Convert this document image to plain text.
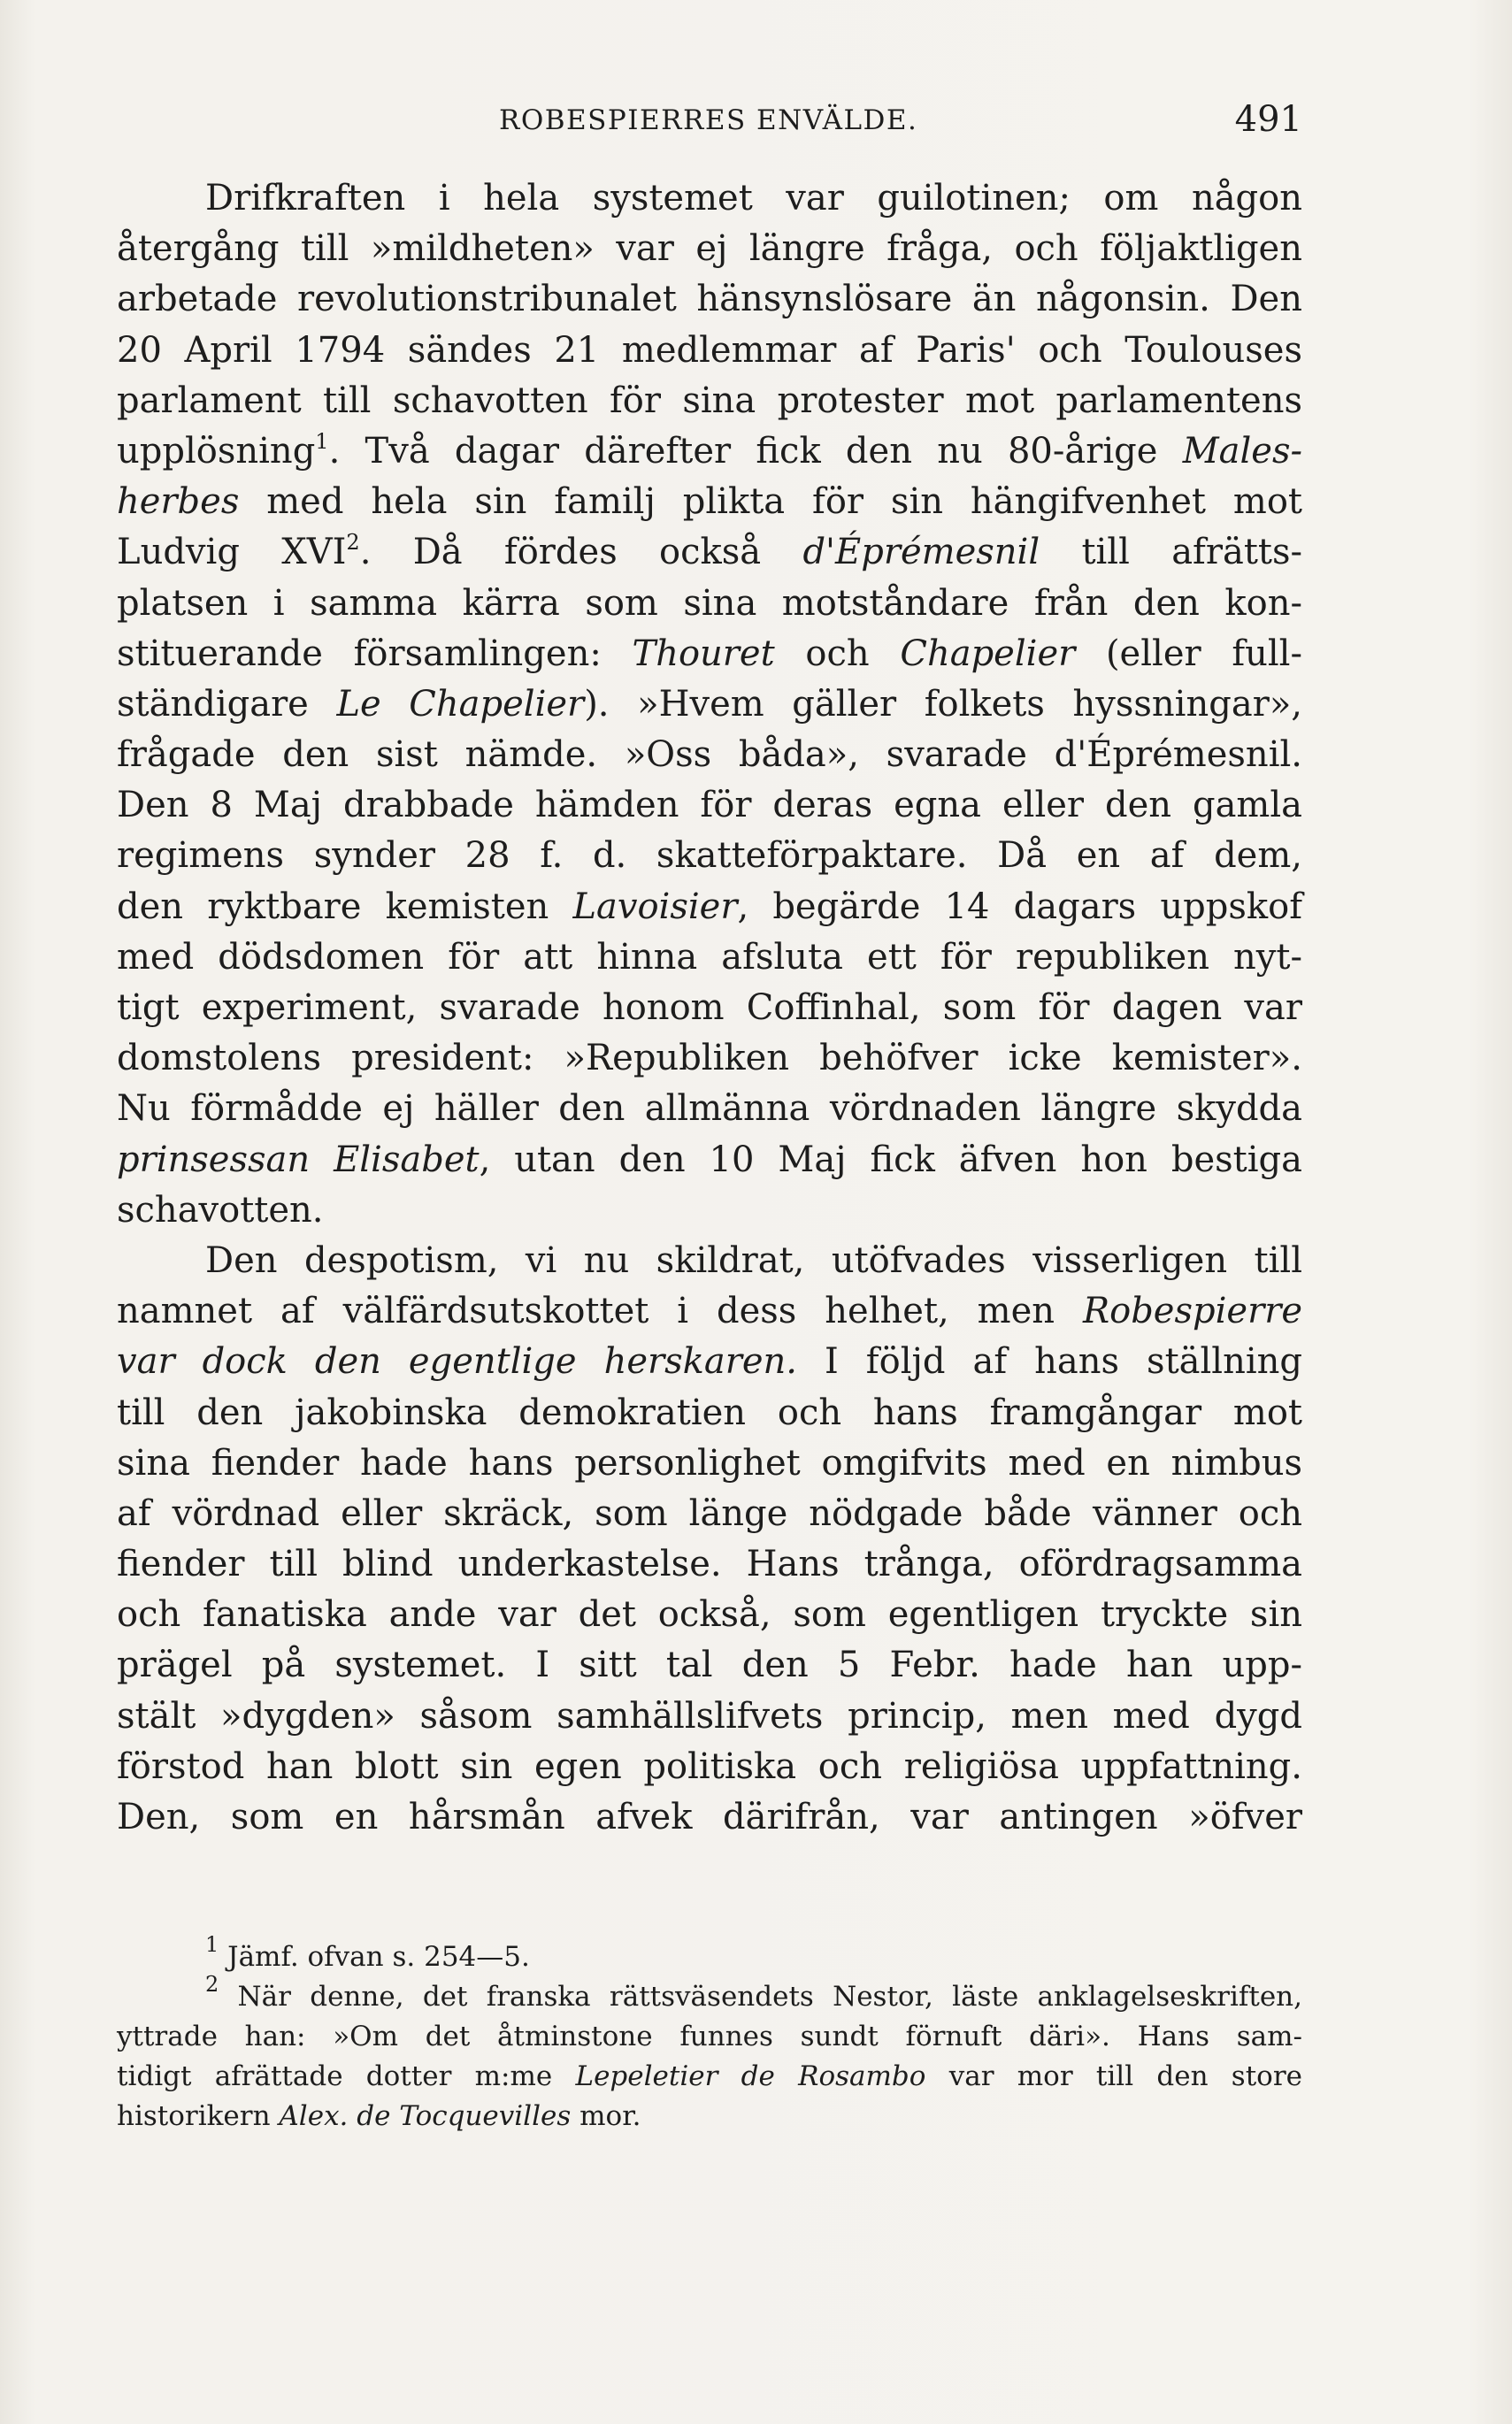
ROBESPIERRES ENVÄLDE.	491
Drifkraften i hela systemet var guilotinen; om någon
återgång till »mildheten» var ej längre fråga, och följaktligen
arbetade revolutionstribunalet hänsynslösare än någonsin. Den
20 April 1794 sändes 21 medlemmar af Paris' och Toulouses
parlament till schavotten för sina protester mot parlamentens
upplösning$^1$. Två dagar därefter fick den nu 80-årige Males-
herbes med hela sin familj plikta för sin hängifvenhet mot
Ludvig XVI$^2$. Då fördes också d'Éprémesnil till afrätts-
platsen i samma kärra som sina motståndare från den kon-
stituerande församlingen: Thouret och Chapelier (eller full-
ständigare Le Chapelier). »Hvem gäller folkets hyssningar»,
frågade den sist nämde. »Oss båda», svarade d'Éprémesnil.
Den 8 Maj drabbade hämden för deras egna eller den gamla
regimens synder 28 f. d. skatteförpaktare. Då en af dem,
den ryktbare kemisten Lavoisier, begärde 14 dagars uppskof
med dödsdomen för att hinna afsluta ett för republiken nyt-
tigt experiment, svarade honom Coffinhal, som för dagen var
domstolens president: »Republiken behöfver icke kemister».
Nu förmådde ej häller den allmänna vördnaden längre skydda
prinsessan Elisabet, utan den 10 Maj fick äfven hon bestiga
schavotten.
Den despotism, vi nu skildrat, utöfvades visserligen till
namnet af välfärdsutskottet i dess helhet, men Robespierre
var dock den egentlige herskaren. I följd af hans ställning
till den jakobinska demokratien och hans framgångar mot
sina fiender hade hans personlighet omgifvits med en nimbus
af vördnad eller skräck, som länge nödgade både vänner och
fiender till blind underkastelse. Hans trånga, ofördragsamma
och fanatiska ande var det också, som egentligen tryckte sin
prägel på systemet. I sitt tal den 5 Febr. hade han upp-
stält »dygden» såsom samhällslifvets princip, men med dygd
förstod han blott sin egen politiska och religiösa uppfattning.
Den, som en hårsmån afvek därifrån, var antingen »öfver
$^1$ Jämf. ofvan s. 254—5.
$^2$ När denne, det franska rättsväsendets Nestor, läste anklagelseskriften,
yttrade han: »Om det åtminstone funnes sundt förnuft däri». Hans sam-
tidigt afrättade dotter m:me Lepeletier de Rosambo var mor till den store
historikern Alex. de Tocquevilles mor.
